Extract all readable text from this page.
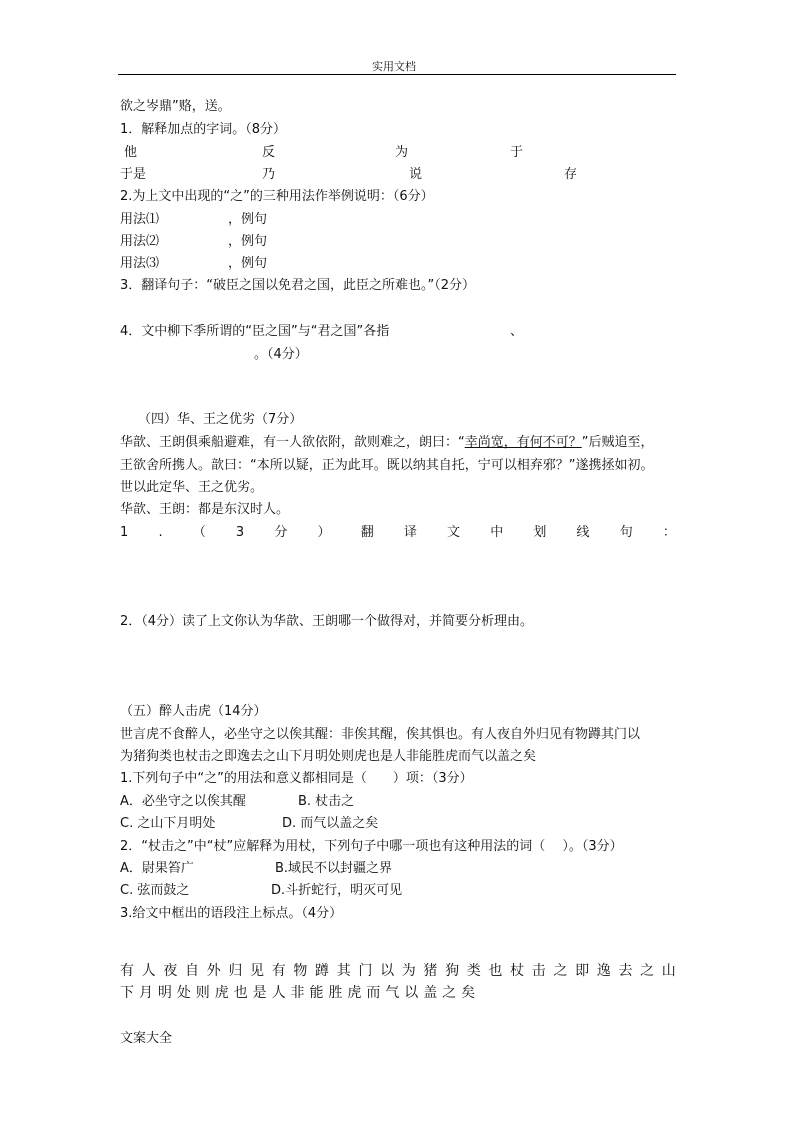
实用文档
欲之岑鼎”赂，送。
1．解释加点的字词。（8分）
他	反	为	于
于是	乃	说	存
2.为上文中出现的“之”的三种用法作举例说明：（6分）
用法⑴	，例句
用法⑵	，例句
用法⑶	，例句
3．翻译句子：“破臣之国以免君之国，此臣之所难也。”（2分）
4．文中柳下季所谓的“臣之国”与“君之国”各指	、
。（4分）
（四）华、王之优劣（7分）
华歆、王朗俱乘船避难，有一人欲依附，歆则难之，朗曰：“幸尚宽，有何不可？”后贼追至，
王欲舍所携人。歆曰：“本所以疑，正为此耳。既以纳其自托，宁可以相弃邪？”遂携拯如初。
世以此定华、王之优劣。
华歆、王朗：都是东汉时人。
1 . （ 3 分 ） 翻 译 文 中 划 线 句 ：
2．（4分）读了上文你认为华歆、王朗哪一个做得对，并简要分析理由。
（五）醉人击虎（14分）
世言虎不食醉人，必坐守之以俟其醒：非俟其醒，俟其惧也。有人夜自外归见有物蹲其门以
为猪狗类也杖击之即逸去之山下月明处则虎也是人非能胜虎而气以盖之矣
1.下列句子中“之”的用法和意义都相同是（　　）项：（3分）
A．必坐守之以俟其醒	B. 杖击之
C. 之山下月明处	D. 而气以盖之矣
2．“杖击之”中“杖”应解释为用杖，下列句子中哪一项也有这种用法的词（　 ）。（3分）
A．尉果笞广	B.域民不以封疆之界
C. 弦而鼓之	D.斗折蛇行，明灭可见
3.给文中框出的语段注上标点。（4分）
有 人 夜 自 外 归 见 有 物 蹲 其 门 以 为 猪 狗 类 也 杖 击 之 即 逸 去 之 山
下 月 明 处 则 虎 也 是 人 非 能 胜 虎 而 气 以 盖 之 矣
文案大全
